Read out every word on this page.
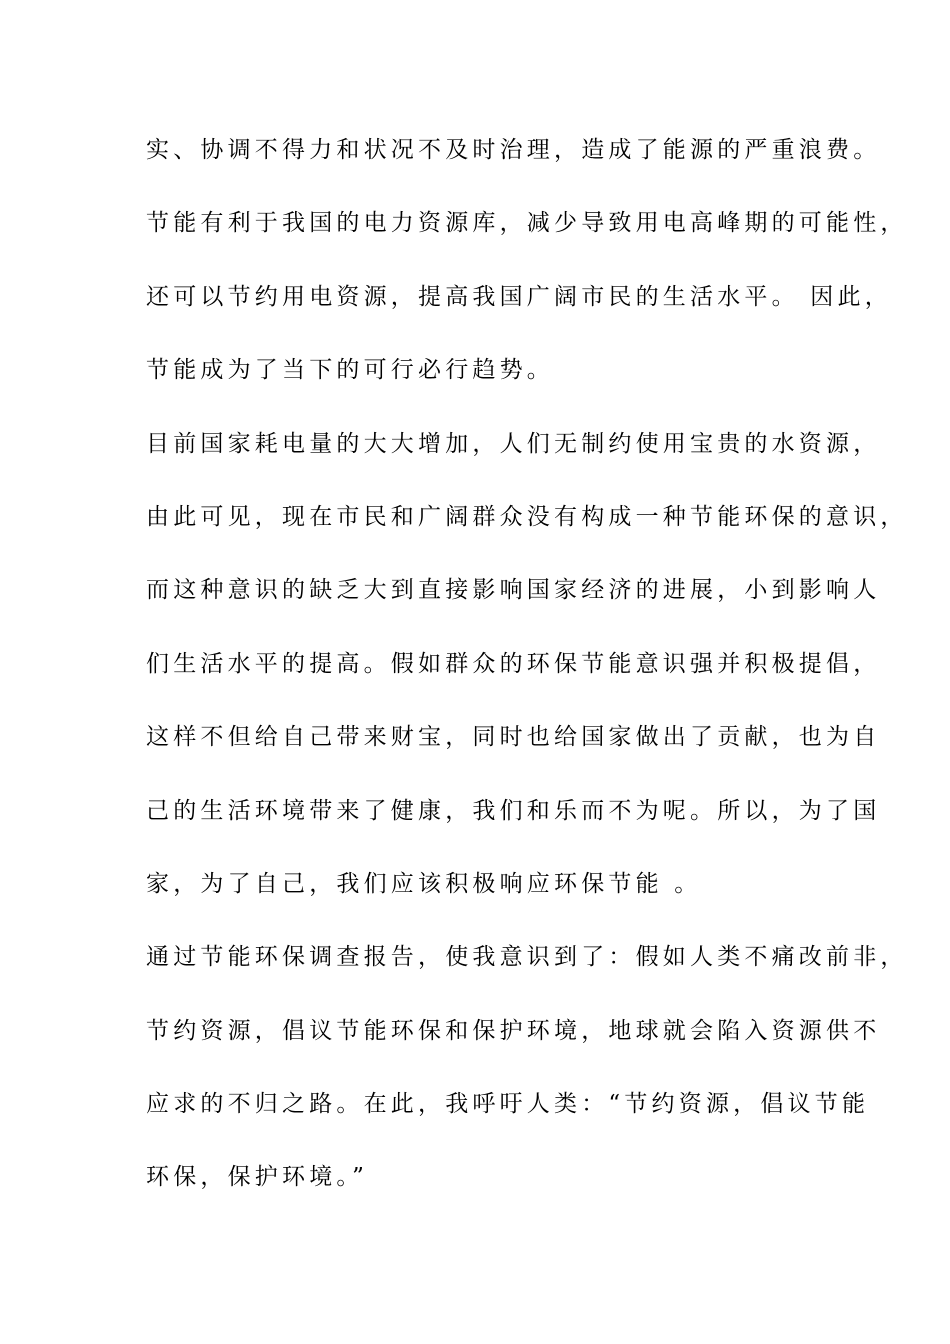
实、协调不得力和状况不及时治理，造成了能源的严重浪费。
节能有利于我国的电力资源库，减少导致用电高峰期的可能性，
还可以节约用电资源，提高我国广阔市民的生活水平。 因此，
节能成为了当下的可行必行趋势。
目前国家耗电量的大大增加，人们无制约使用宝贵的水资源，
由此可见，现在市民和广阔群众没有构成一种节能环保的意识，
而这种意识的缺乏大到直接影响国家经济的进展，小到影响人
们生活水平的提高。假如群众的环保节能意识强并积极提倡，
这样不但给自己带来财宝，同时也给国家做出了贡献，也为自
己的生活环境带来了健康，我们和乐而不为呢。所以，为了国
家，为了自己，我们应该积极响应环保节能 。
通过节能环保调查报告，使我意识到了：假如人类不痛改前非，
节约资源，倡议节能环保和保护环境，地球就会陷入资源供不
应求的不归之路。在此，我呼吁人类：“节约资源，倡议节能
环保，保护环境。”
